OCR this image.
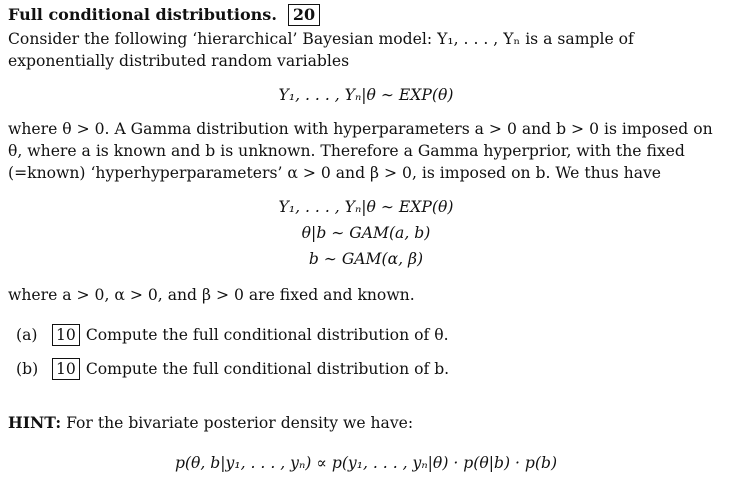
Full conditional distributions. 20

Consider the following ‘hierarchical’ Bayesian model: Y₁, . . . , Yₙ is a sample of exponentially distributed random variables

Y₁, . . . , Yₙ|θ ∼ EXP(θ)

where θ > 0. A Gamma distribution with hyperparameters a > 0 and b > 0 is imposed on θ, where a is known and b is unknown. Therefore a Gamma hyperprior, with the fixed (=known) ‘hyperhyperparameters’ α > 0 and β > 0, is imposed on b. We thus have

Y₁, . . . , Yₙ|θ ∼ EXP(θ)
θ|b ∼ GAM(a, b)
b ∼ GAM(α, β)

where a > 0, α > 0, and β > 0 are fixed and known.

(a)	10 Compute the full conditional distribution of θ.
(b)	10 Compute the full conditional distribution of b.

HINT: For the bivariate posterior density we have:

p(θ, b|y₁, . . . , yₙ) ∝ p(y₁, . . . , yₙ|θ) · p(θ|b) · p(b)
